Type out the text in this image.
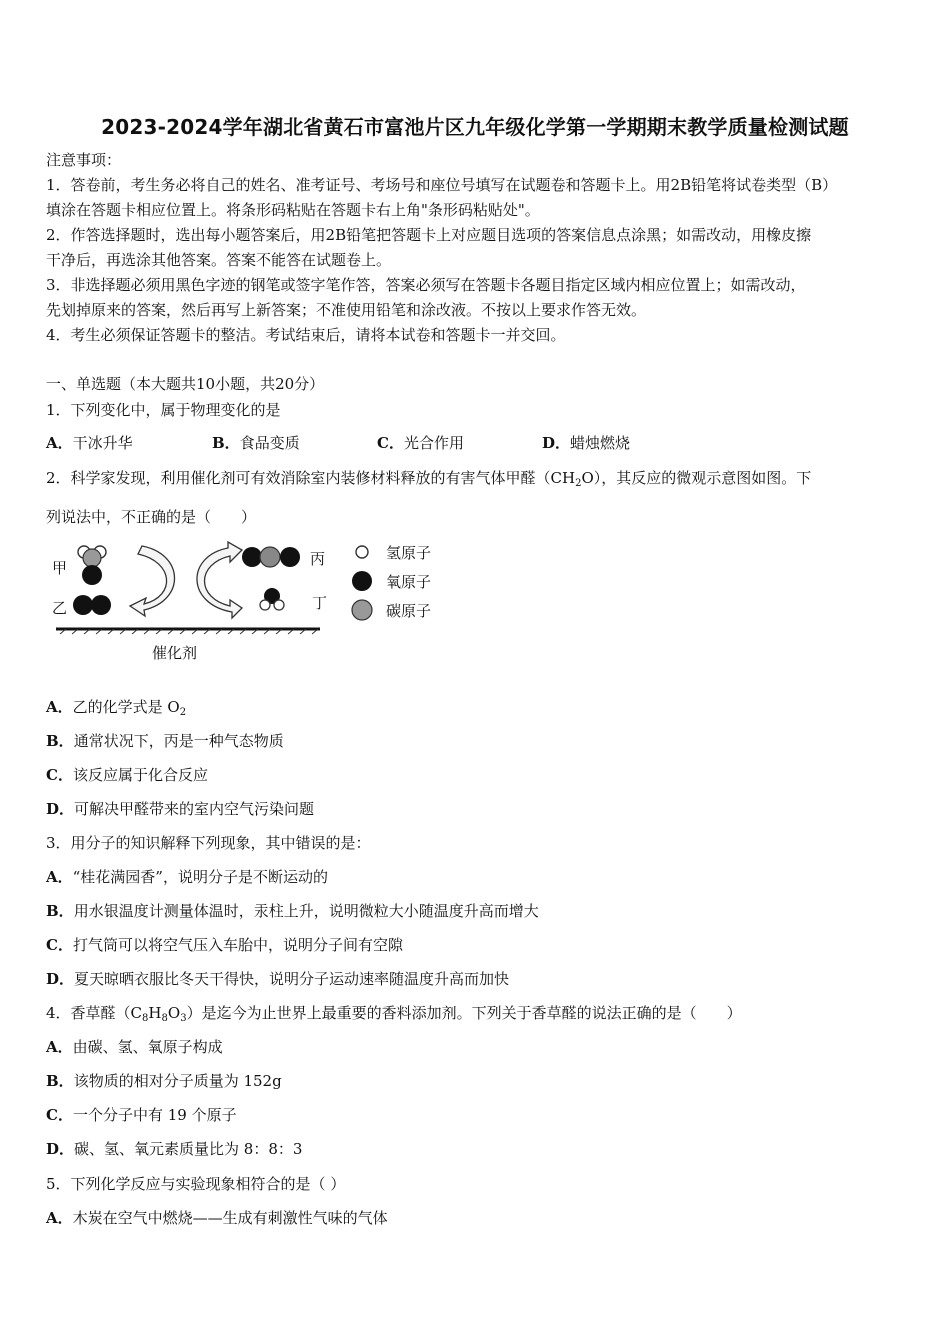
2023-2024学年湖北省黄石市富池片区九年级化学第一学期期末教学质量检测试题
注意事项：
1．答卷前，考生务必将自己的姓名、准考证号、考场号和座位号填写在试题卷和答题卡上。用2B铅笔将试卷类型（B）
填涂在答题卡相应位置上。将条形码粘贴在答题卡右上角"条形码粘贴处"。
2．作答选择题时，选出每小题答案后，用2B铅笔把答题卡上对应题目选项的答案信息点涂黑；如需改动，用橡皮擦
干净后，再选涂其他答案。答案不能答在试题卷上。
3．非选择题必须用黑色字迹的钢笔或签字笔作答，答案必须写在答题卡各题目指定区域内相应位置上；如需改动，
先划掉原来的答案，然后再写上新答案；不准使用铅笔和涂改液。不按以上要求作答无效。
4．考生必须保证答题卡的整洁。考试结束后，请将本试卷和答题卡一并交回。
一、单选题（本大题共10小题，共20分）
1．下列变化中，属于物理变化的是
A．干冰升华	B．食品变质	C．光合作用	D．蜡烛燃烧
2．科学家发现，利用催化剂可有效消除室内装修材料释放的有害气体甲醛$(CH_2O)$，其反应的微观示意图如图。下
列说法中，不正确的是（　　）
甲
乙
丙
丁
催化剂
氢原子
氧原子
碳原子
A．乙的化学式是 $O_2$
B．通常状况下，丙是一种气态物质
C．该反应属于化合反应
D．可解决甲醛带来的室内空气污染问题
3．用分子的知识解释下列现象，其中错误的是：
A．“桂花满园香”，说明分子是不断运动的
B．用水银温度计测量体温时，汞柱上升，说明微粒大小随温度升高而增大
C．打气筒可以将空气压入车胎中，说明分子间有空隙
D．夏天晾晒衣服比冬天干得快，说明分子运动速率随温度升高而加快
4．香草醛$(C_8H_8O_3)$是迄今为止世界上最重要的香料添加剂。下列关于香草醛的说法正确的是（　　）
A．由碳、氢、氧原子构成
B．该物质的相对分子质量为 152g
C．一个分子中有 19 个原子
D．碳、氢、氧元素质量比为 8：8：3
5．下列化学反应与实验现象相符合的是（ ）
A．木炭在空气中燃烧——生成有刺激性气味的气体
